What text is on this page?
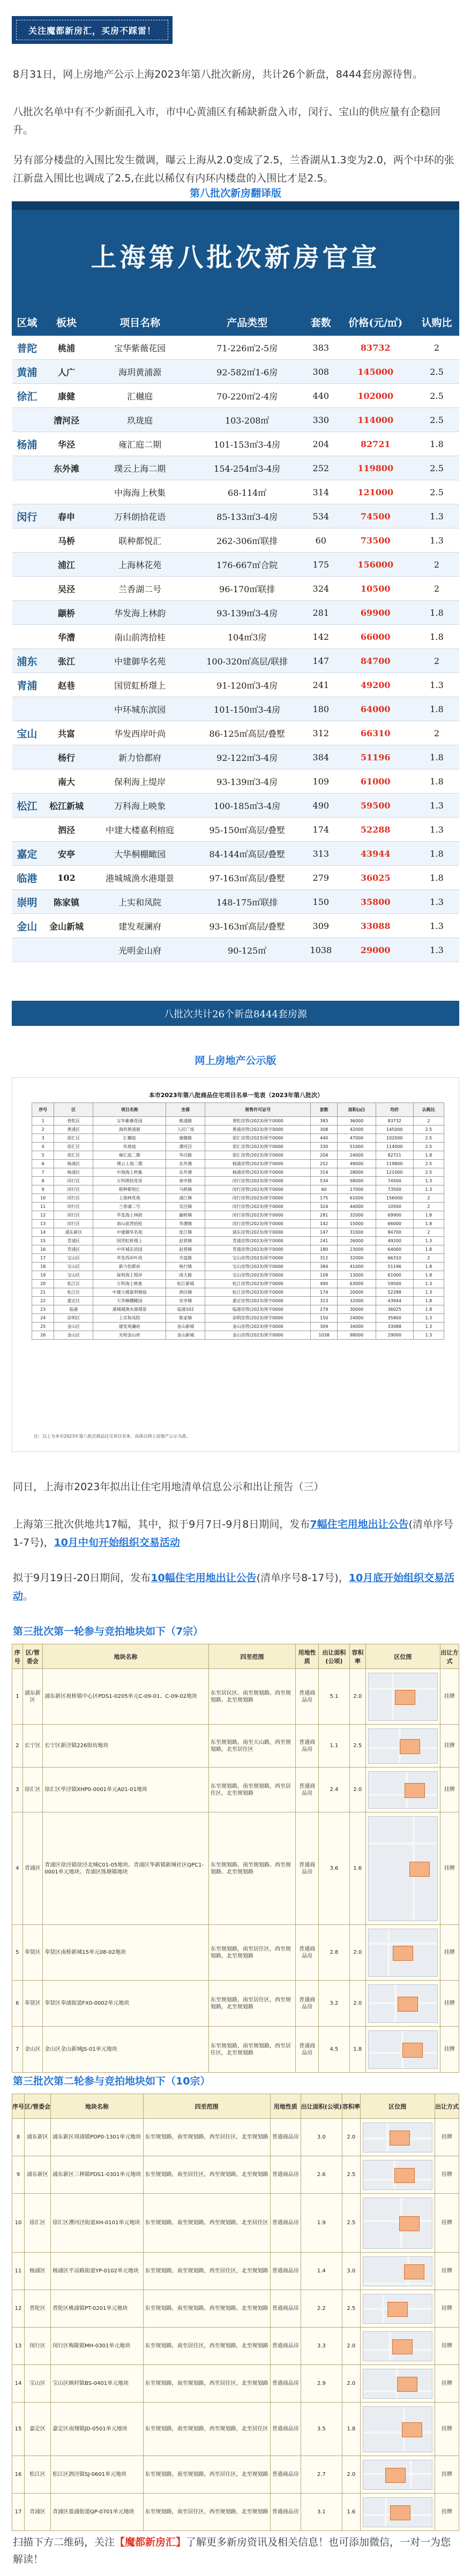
关注魔都新房汇，买房不踩雷！

8月31日，网上房地产公示上海2023年第八批次新房，共计26个新盘，8444套房源待售。

八批次名单中有不少新面孔入市，市中心黄浦区有稀缺新盘入市，闵行、宝山的供应量有企稳回升。

另有部分楼盘的入围比发生微调，曝云上海从2.0变成了2.5，兰香湖从1.3变为2.0，两个中环的张江新盘入围比也调成了2.5,在此以稀仅有内环内楼盘的入围比才是2.5。

第八批次新房翻译版
上海第八批次新房官宣
区域	板块	项目名称	产品类型	套数	价格(元/㎡)	认购比
普陀	桃浦	宝华紫薇花园	71-226㎡2-5房	383	83732	2
黄浦	人广	海玥黄浦源	92-582㎡1-6房	308	145000	2.5
徐汇	康健	汇樾庭	70-220㎡2-4房	440	102000	2.5
	漕河泾	玖珑庭	103-208㎡	330	114000	2.5
杨浦	华泾	雍汇庭二期	101-153㎡3-4房	204	82721	1.8
	东外滩	璞云上海二期	154-254㎡3-4房	252	119800	2.5
		中海海上秋集	68-114㎡	314	121000	2.5
闵行	春申	万科朗拾花语	85-133㎡3-4房	534	74500	1.3
	马桥	联种都悦汇	262-306㎡联排	60	73500	1.3
	浦江	上海林花苑	176-667㎡合院	175	156000	2
	吴泾	兰香湖二号	96-170㎡联排	324	10500	2
	颛桥	华发海上林韵	93-139㎡3-4房	281	69900	1.8
	华漕	南山前湾拾桂	104㎡3房	142	66000	1.8
浦东	张江	中建御华名苑	100-320㎡高层/联排	147	84700	2
青浦	赵巷	国贸虹桥璟上	91-120㎡3-4房	241	49200	1.3
		中环城东滨园	101-150㎡3-4房	180	64000	1.8
宝山	共富	华发西岸叶尚	86-125㎡高层/叠墅	312	66310	2
	杨行	新力恰都府	92-122㎡3-4房	384	51196	1.8
	南大	保利海上缇岸	93-139㎡3-4房	109	61000	1.8
松江	松江新城	万科海上映象	100-185㎡3-4房	490	59500	1.3
	泗泾	中建大楼嘉利榕庭	95-150㎡高层/叠墅	174	52288	1.3
嘉定	安亭	大华桐棚瞰园	84-144㎡高层/叠墅	313	43944	1.8
临港	102	港城城渔水港璟景	97-163㎡高层/叠墅	279	36025	1.8
崇明	陈家镇	上实和凤院	148-175㎡联排	150	35800	1.3
金山	金山新城	建发观澜府	93-163㎡高层/叠墅	309	33088	1.3
		光明金山府	90-125㎡	1038	29000	1.3
八批次共计26个新盘8444套房源
网上房地产公示版
本市2023年第八批商品住宅项目名单一览表（2023年第八批次）
序号	区	项目名称	坐落	预售许可证号	套数	面积(㎡)	均价	认购比
1	普陀区	宝华紫薇花园	桃浦路	普陀房管(2023)预字0000	383	36000	83732	2
2	黄浦区	海玥黄浦源	人民广场	黄浦房管(2023)预字0000	308	42000	145000	2.5
3	徐汇区	汇樾庭	康健路	徐汇房管(2023)预字0000	440	47000	102000	2.5
4	徐汇区	玖珑庭	漕河泾	徐汇房管(2023)预字0000	330	51000	114000	2.5
5	徐汇区	雍汇庭二期	华泾路	徐汇房管(2023)预字0000	204	24000	82721	1.8
6	杨浦区	璞云上海二期	东外滩	杨浦房管(2023)预字0000	252	49000	119800	2.5
7	杨浦区	中海海上秋集	东外滩	杨浦房管(2023)预字0000	314	28000	121000	2.5
8	闵行区	万科朗拾花语	春申路	闵行房管(2023)预字0000	534	58000	74500	1.3
9	闵行区	联种都悦汇	马桥镇	闵行房管(2023)预字0000	60	17000	73500	1.3
10	闵行区	上海林花苑	浦江镇	闵行房管(2023)预字0000	175	61000	156000	2
11	闵行区	兰香湖二号	吴泾镇	闵行房管(2023)预字0000	324	44000	10500	2
12	闵行区	华发海上林韵	颛桥镇	闵行房管(2023)预字0000	281	32000	69900	1.8
13	闵行区	南山前湾拾桂	华漕镇	闵行房管(2023)预字0000	142	15000	66000	1.8
14	浦东新区	中建御华名苑	张江镇	浦东房管(2023)预字0000	147	31000	84700	2
15	青浦区	国贸虹桥璟上	赵巷镇	青浦房管(2023)预字0000	241	26000	49200	1.3
16	青浦区	中环城东滨园	赵巷镇	青浦房管(2023)预字0000	180	23000	64000	1.8
17	宝山区	华发西岸叶尚	共富路	宝山房管(2023)预字0000	312	32000	66310	2
18	宝山区	新力恰都府	杨行镇	宝山房管(2023)预字0000	384	41000	51196	1.8
19	宝山区	保利海上缇岸	南大路	宝山房管(2023)预字0000	109	13000	61000	1.8
20	松江区	万科海上映象	松江新城	松江房管(2023)预字0000	490	63000	59500	1.3
21	松江区	中建大楼嘉利榕庭	泗泾镇	松江房管(2023)预字0000	174	20000	52288	1.3
22	嘉定区	大华桐棚瞰园	安亭镇	嘉定房管(2023)预字0000	313	32000	43944	1.8
23	临港	港城城渔水港璟景	临港102	临港房管(2023)预字0000	279	30000	36025	1.8
24	崇明区	上实和凤院	陈家镇	崇明房管(2023)预字0000	150	24000	35800	1.3
25	金山区	建发观澜府	金山新城	金山房管(2023)预字0000	309	34000	33088	1.3
26	金山区	光明金山府	金山新城	金山房管(2023)预字0000	1038	98000	29000	1.3
注：以上为本市2023年第八批次商品住宅项目名单，具体以网上房地产公示为准。

同日，上海市2023年拟出让住宅用地清单信息公示和出让预告（三）

上海第三批次供地共17幅，其中，拟于9月7日-9月8日期间，发布7幅住宅用地出让公告(清单序号1-7号)，10月中旬开始组织交易活动

拟于9月19日-20日期间，发布10幅住宅用地出让公告(清单序号8-17号)，10月底开始组织交易活动。

第三批次第一轮参与竞拍地块如下（7宗）
序号	区/管委会	地块名称	四至范围	用地性质	出让面积(公顷)	容积率	区位图	出让方式
1	浦东新区	浦东新区祝桥镇中心区PDS1-0205单元C-09-01、C-09-02地块	东至居民区、南至规划路、西至规划路、北至规划路	普通商品房	5.1	2.0		挂牌
2	长宁区	长宁区新泾镇226街坊地块	东至规划路，南至天山路，西至规划路，北至居住区	普通商品房	1.1	2.5		挂牌
3	徐汇区	徐汇区华泾镇XHP0-0001单元A01-01地块	东至规划路，南至规划路，西至居住区，北至规划路	普通商品房	2.4	2.0		挂牌
4	青浦区	青浦区徐泾镇徐泾北城C01-05地块、青浦区华新镇新城社区QPC1-0001单元地块、青浦区练塘镇地块	东至规划路、南至规划路、西至规划路、北至规划路	普通商品房	3.6	1.6		挂牌
5	奉贤区	奉贤区南桥新城15单元08-02地块	东至规划路，南至居住区，西至规划路，北至规划路	普通商品房	2.8	2.0		挂牌
6	奉贤区	奉贤区奉浦街道FX0-0002单元地块	东至规划路，南至居住区，西至规划路，北至规划路	普通商品房	3.2	2.0		挂牌
7	金山区	金山区金山新城JS-01单元地块	东至规划路，南至规划路，西至居住区，北至规划路	普通商品房	4.5	1.8		挂牌
第三批次第二轮参与竞拍地块如下（10宗）
序号	区/管委会	地块名称	四至范围	用地性质	出让面积(公顷)	容积率	区位图	出让方式
8	浦东新区	浦东新区周浦镇PDP0-1301单元地块	东至规划路，南至规划路，西至居住区，北至规划路	普通商品房	3.0	2.0		挂牌
9	浦东新区	浦东新区三林镇PDS1-0301单元地块	东至规划路，南至居住区，西至规划路，北至规划路	普通商品房	2.6	2.5		挂牌
10	徐汇区	徐汇区漕河泾街道XH-0101单元地块	东至规划路，南至规划路，西至规划路，北至居住区	普通商品房	1.9	2.5		挂牌
11	杨浦区	杨浦区平凉路街道YP-0102单元地块	东至规划路，南至规划路，西至居住区，北至规划路	普通商品房	1.4	3.0		挂牌
12	普陀区	普陀区桃浦镇PT-0201单元地块	东至规划路，南至规划路，西至规划路，北至规划路	普通商品房	2.2	2.5		挂牌
13	闵行区	闵行区梅陇镇MH-0301单元地块	东至规划路，南至居住区，西至规划路，北至规划路	普通商品房	3.3	2.0		挂牌
14	宝山区	宝山区顾村镇BS-0401单元地块	东至规划路，南至规划路，西至居住区，北至规划路	普通商品房	2.9	2.0		挂牌
15	嘉定区	嘉定区南翔镇JD-0501单元地块	东至规划路，南至规划路，西至规划路，北至居住区	普通商品房	3.5	1.8		挂牌
16	松江区	松江区泗泾镇SJ-0601单元地块	东至规划路，南至规划路，西至居住区，北至规划路	普通商品房	2.7	2.0		挂牌
17	青浦区	青浦区盈浦街道QP-0701单元地块	东至规划路，南至居住区，西至规划路，北至规划路	普通商品房	3.1	1.6		挂牌

扫描下方二维码，关注【魔都新房汇】了解更多新房资讯及相关信息！也可添加微信，一对一为您解读！
